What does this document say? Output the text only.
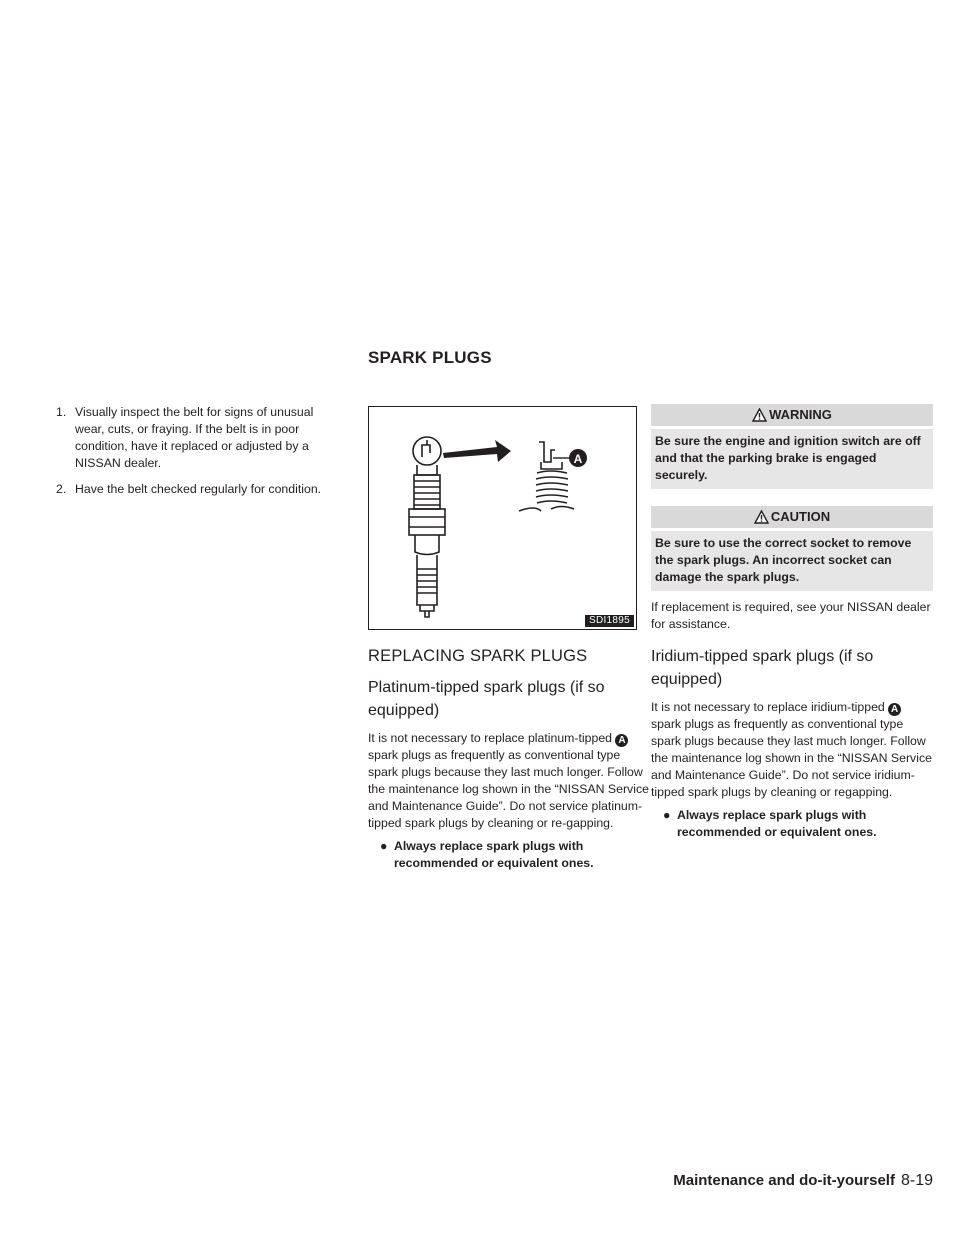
SPARK PLUGS
1. Visually inspect the belt for signs of unusual wear, cuts, or fraying. If the belt is in poor condition, have it replaced or adjusted by a NISSAN dealer.
2. Have the belt checked regularly for condition.
A
SDI1895
REPLACING SPARK PLUGS
Platinum-tipped spark plugs (if so equipped)

It is not necessary to replace platinum-tipped A spark plugs as frequently as conventional type spark plugs because they last much longer. Follow the maintenance log shown in the “NISSAN Service and Maintenance Guide”. Do not service platinum-tipped spark plugs by cleaning or re-gapping.

● Always replace spark plugs with recommended or equivalent ones.
WARNING
Be sure the engine and ignition switch are off and that the parking brake is engaged securely.
CAUTION
Be sure to use the correct socket to remove the spark plugs. An incorrect socket can damage the spark plugs.

If replacement is required, see your NISSAN dealer for assistance.

Iridium-tipped spark plugs (if so equipped)

It is not necessary to replace iridium-tipped A spark plugs as frequently as conventional type spark plugs because they last much longer. Follow the maintenance log shown in the “NISSAN Service and Maintenance Guide”. Do not service iridium-tipped spark plugs by cleaning or regapping.

● Always replace spark plugs with recommended or equivalent ones.
Maintenance and do-it-yourself 8-19
